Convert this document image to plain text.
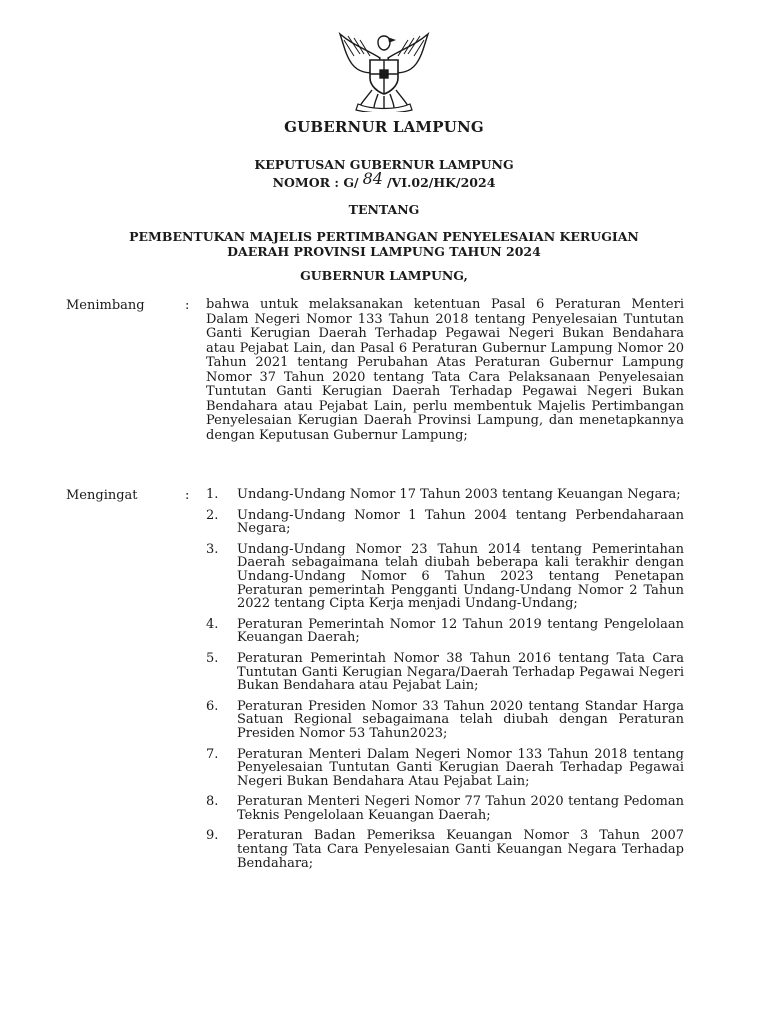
GUBERNUR LAMPUNG
KEPUTUSAN GUBERNUR LAMPUNG
NOMOR : G/ 84 /VI.02/HK/2024
TENTANG
PEMBENTUKAN MAJELIS PERTIMBANGAN PENYELESAIAN KERUGIAN DAERAH PROVINSI LAMPUNG TAHUN 2024
GUBERNUR LAMPUNG,
Menimbang	: bahwa untuk melaksanakan ketentuan Pasal 6 Peraturan Menteri Dalam Negeri Nomor 133 Tahun 2018 tentang Penyelesaian Tuntutan Ganti Kerugian Daerah Terhadap Pegawai Negeri Bukan Bendahara atau Pejabat Lain, dan Pasal 6 Peraturan Gubernur Lampung Nomor 20 Tahun 2021 tentang Perubahan Atas Peraturan Gubernur Lampung Nomor 37 Tahun 2020 tentang Tata Cara Pelaksanaan Penyelesaian Tuntutan Ganti Kerugian Daerah Terhadap Pegawai Negeri Bukan Bendahara atau Pejabat Lain, perlu membentuk Majelis Pertimbangan Penyelesaian Kerugian Daerah Provinsi Lampung, dan menetapkannya dengan Keputusan Gubernur Lampung;
Mengingat	: 1. Undang-Undang Nomor 17 Tahun 2003 tentang Keuangan Negara;
2. Undang-Undang Nomor 1 Tahun 2004 tentang Perbendaharaan Negara;
3. Undang-Undang Nomor 23 Tahun 2014 tentang Pemerintahan Daerah sebagaimana telah diubah beberapa kali terakhir dengan Undang-Undang Nomor 6 Tahun 2023 tentang Penetapan Peraturan pemerintah Pengganti Undang-Undang Nomor 2 Tahun 2022 tentang Cipta Kerja menjadi Undang-Undang;
4. Peraturan Pemerintah Nomor 12 Tahun 2019 tentang Pengelolaan Keuangan Daerah;
5. Peraturan Pemerintah Nomor 38 Tahun 2016 tentang Tata Cara Tuntutan Ganti Kerugian Negara/Daerah Terhadap Pegawai Negeri Bukan Bendahara atau Pejabat Lain;
6. Peraturan Presiden Nomor 33 Tahun 2020 tentang Standar Harga Satuan Regional sebagaimana telah diubah dengan Peraturan Presiden Nomor 53 Tahun2023;
7. Peraturan Menteri Dalam Negeri Nomor 133 Tahun 2018 tentang Penyelesaian Tuntutan Ganti Kerugian Daerah Terhadap Pegawai Negeri Bukan Bendahara Atau Pejabat Lain;
8. Peraturan Menteri Negeri Nomor 77 Tahun 2020 tentang Pedoman Teknis Pengelolaan Keuangan Daerah;
9. Peraturan Badan Pemeriksa Keuangan Nomor 3 Tahun 2007 tentang Tata Cara Penyelesaian Ganti Keuangan Negara Terhadap Bendahara;
